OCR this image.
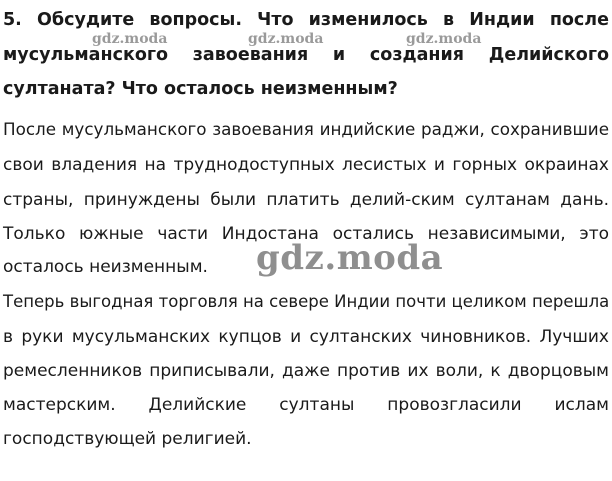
5. Обсудите вопросы. Что изменилось в Индии после
мусульманского завоевания и создания Делийского
султаната? Что осталось неизменным?
gdz.moda	gdz.moda	gdz.moda
После мусульманского завоевания индийские раджи, сохранившие
свои владения на труднодоступных лесистых и горных окраинах
страны, принуждены были платить делий-ским султанам дань.
Только южные части Индостана остались независимыми, это
осталось неизменным.	gdz.moda
Теперь выгодная торговля на севере Индии почти целиком перешла
в руки мусульманских купцов и султанских чиновников. Лучших
ремесленников приписывали, даже против их воли, к дворцовым
мастерским. Делийские султаны провозгласили ислам
господствующей религией.
